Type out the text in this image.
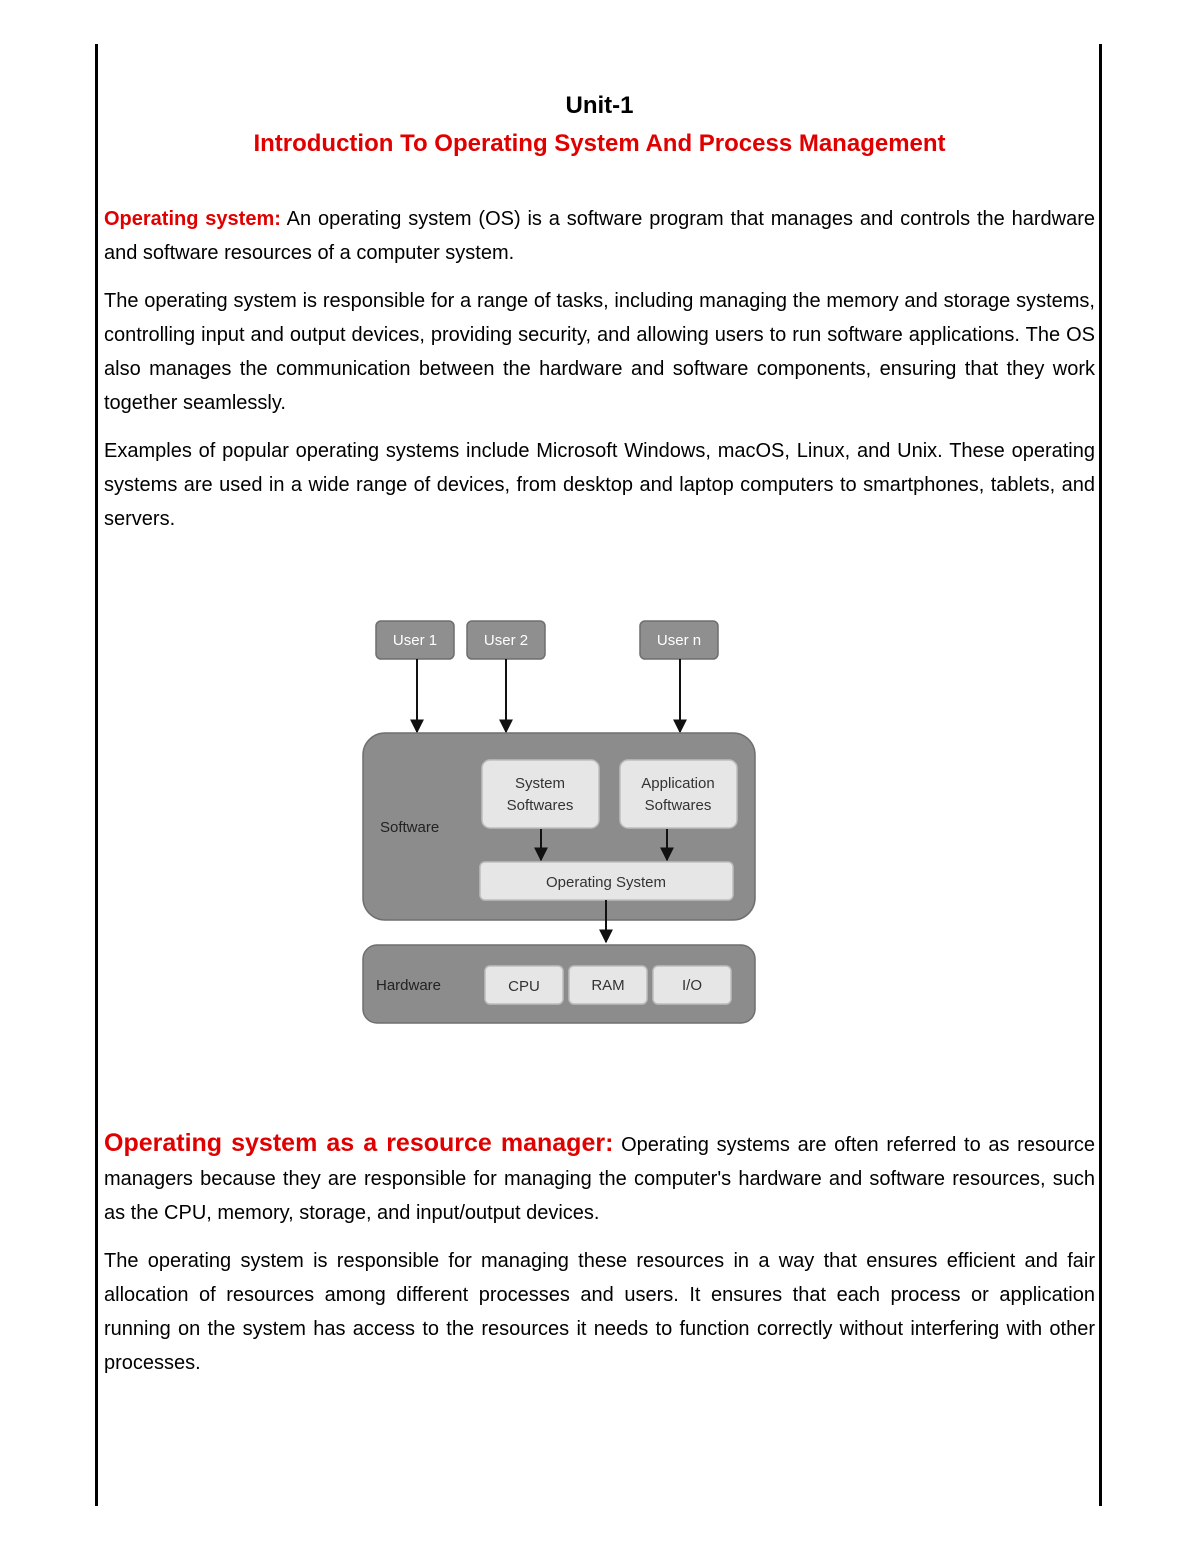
Unit-1
Introduction To Operating System And Process Management

Operating system: An operating system (OS) is a software program that manages and controls the hardware and software resources of a computer system.

The operating system is responsible for a range of tasks, including managing the memory and storage systems, controlling input and output devices, providing security, and allowing users to run software applications. The OS also manages the communication between the hardware and software components, ensuring that they work together seamlessly.

Examples of popular operating systems include Microsoft Windows, macOS, Linux, and Unix. These operating systems are used in a wide range of devices, from desktop and laptop computers to smartphones, tablets, and servers.

User 1	User 2	User n
Software
System
Softwares
Application
Softwares
Operating System
Hardware	CPU	RAM	I/O

Operating system as a resource manager: Operating systems are often referred to as resource managers because they are responsible for managing the computer's hardware and software resources, such as the CPU, memory, storage, and input/output devices.

The operating system is responsible for managing these resources in a way that ensures efficient and fair allocation of resources among different processes and users. It ensures that each process or application running on the system has access to the resources it needs to function correctly without interfering with other processes.
